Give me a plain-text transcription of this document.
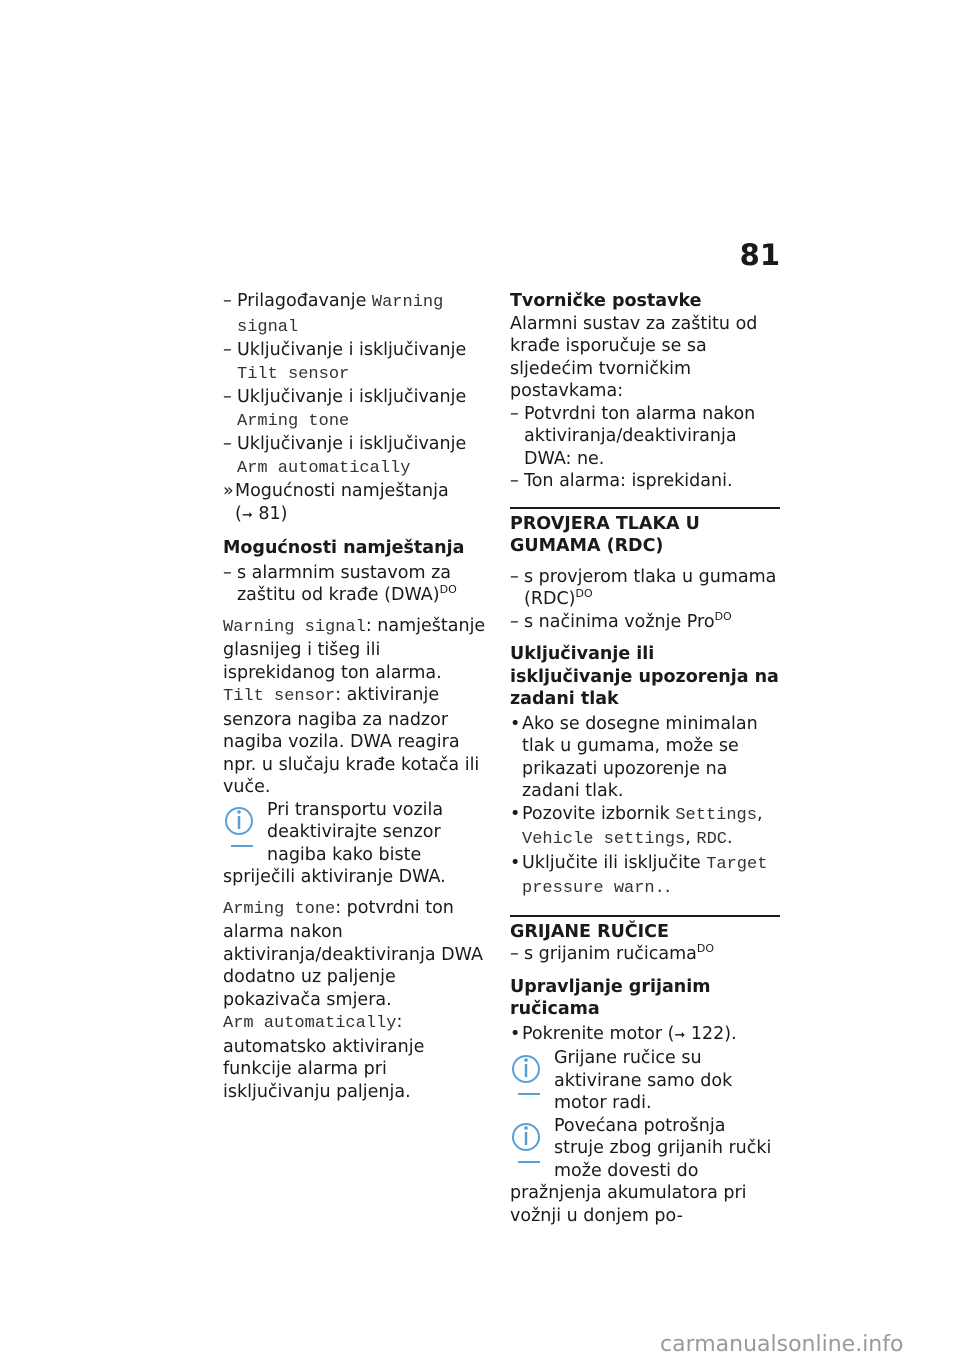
81
– Prilagođavanje Warning signal
– Uključivanje i isključivanje Tilt sensor
– Uključivanje i isključivanje Arming tone
– Uključivanje i isključivanje Arm automatically
» Mogućnosti namještanja
(➞ 81)
Mogućnosti namještanja
– s alarmnim sustavom za zaštitu od krađe (DWA)$^{DO}$

Warning signal: namještanje glasnijeg i tišeg ili isprekidanog ton alarma.

Tilt sensor: aktiviranje senzora nagiba za nadzor nagiba vozila. DWA reagira npr. u slučaju krađe kotača ili vuče.

Pri transportu vozila deaktivirajte senzor nagiba kako biste spriječili aktiviranje DWA.

Arming tone: potvrdni ton alarma nakon aktiviranja/deaktiviranja DWA dodatno uz paljenje pokazivača smjera.

Arm automatically: automatsko aktiviranje funkcije alarma pri isključivanju paljenja.

Tvorničke postavke

Alarmni sustav za zaštitu od krađe isporučuje se sa sljedećim tvorničkim postavkama:

– Potvrdni ton alarma nakon aktiviranja/deaktiviranja DWA: ne.
– Ton alarma: isprekidani.
PROVJERA TLAKA U GUMAMA (RDC)
– s provjerom tlaka u gumama (RDC)$^{DO}$
– s načinima vožnje Pro$^{DO}$
Uključivanje ili isključivanje upozorenja na zadani tlak
• Ako se dosegne minimalan tlak u gumama, može se prikazati upozorenje na zadani tlak.
• Pozovite izbornik Settings, Vehicle settings, RDC.
• Uključite ili isključite Target pressure warn..
GRIJANE RUČICE
– s grijanim ručicama$^{DO}$
Upravljanje grijanim ručicama
• Pokrenite motor (➞ 122).
Grijane ručice su aktivirane samo dok motor radi.
Povećana potrošnja struje zbog grijanih ručki može dovesti do pražnjenja akumulatora pri vožnji u donjem po-
carmanualsonline.info
